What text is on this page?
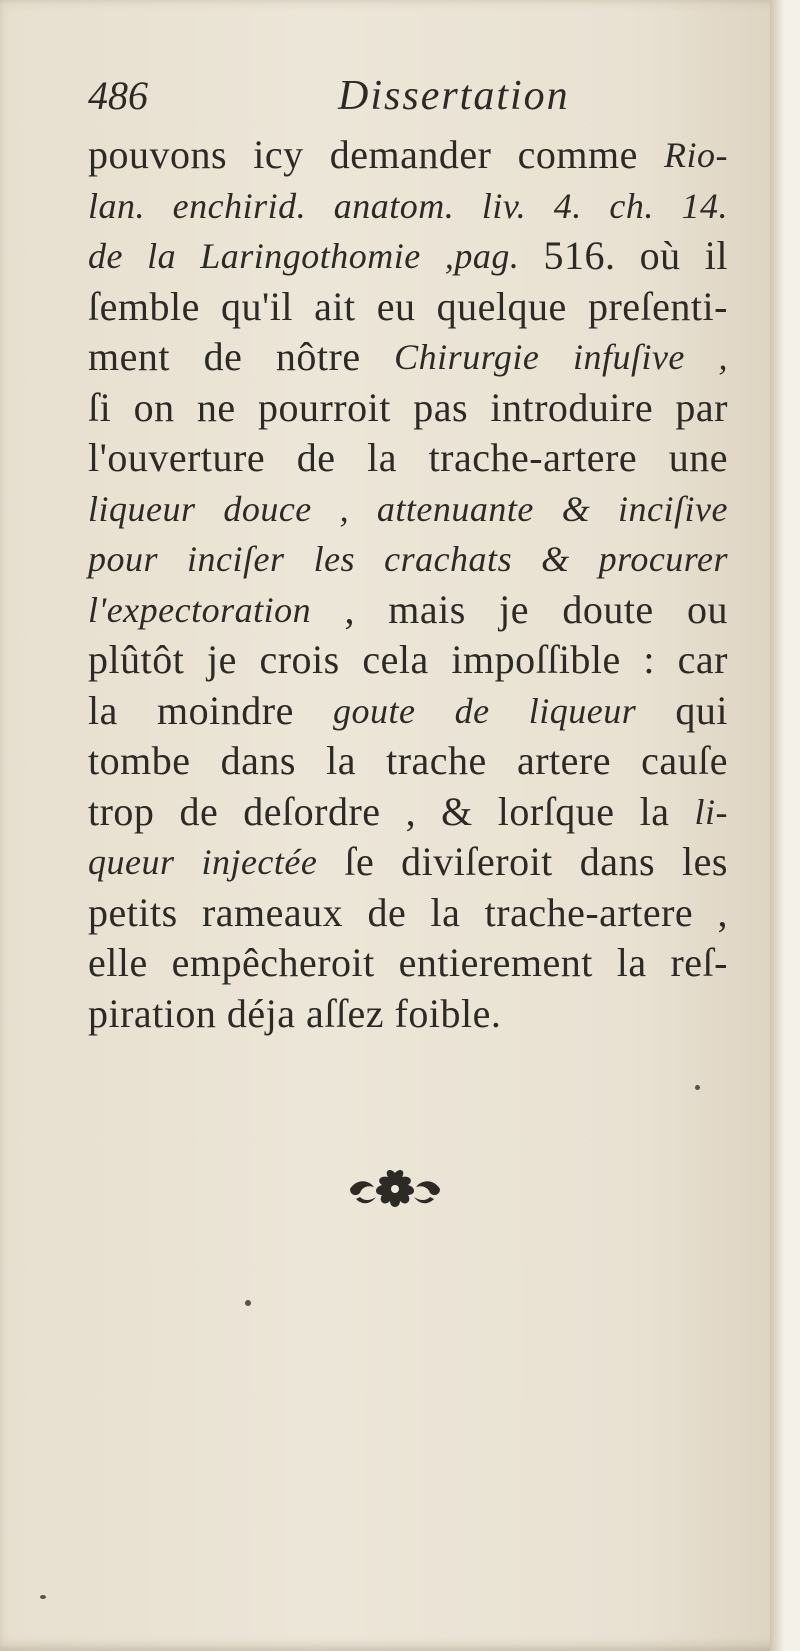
486	Dissertation
pouvons icy demander comme Rio-
lan. enchirid. anatom. liv. 4. ch. 14.
de la Laringothomie ,pag. 516. où il
ſemble qu'il ait eu quelque preſenti-
ment de nôtre Chirurgie infuſive ,
ſi on ne pourroit pas introduire par
l'ouverture de la trache-artere une
liqueur douce , attenuante & inciſive
pour inciſer les crachats & procurer
l'expectoration , mais je doute ou
plûtôt je crois cela impoſſible : car
la moindre goute de liqueur qui
tombe dans la trache artere cauſe
trop de deſordre , & lorſque la li-
queur injectée ſe diviſeroit dans les
petits rameaux de la trache-artere ,
elle empêcheroit entierement la reſ-
piration
déja
aſſez
foible.
